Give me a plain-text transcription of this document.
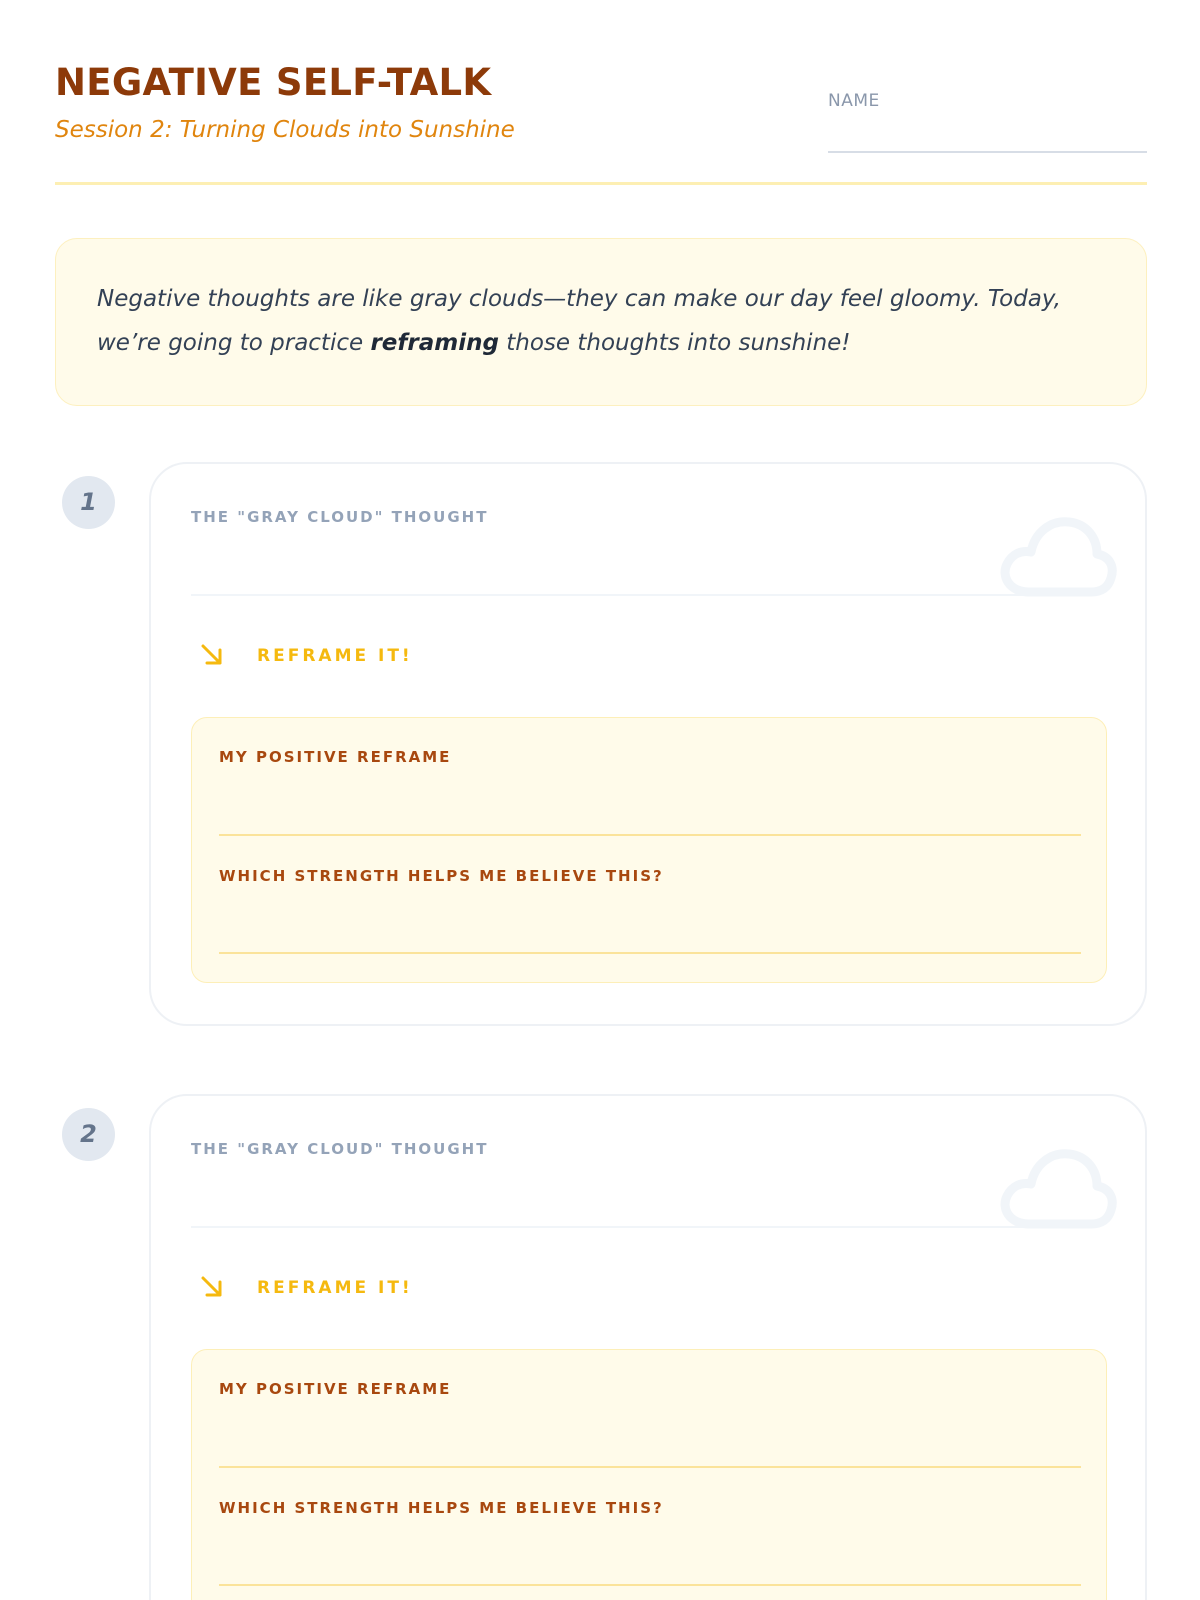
NEGATIVE SELF-TALK
Session 2: Turning Clouds into Sunshine
NAME
Negative thoughts are like gray clouds—they can make our day feel gloomy. Today, we’re going to practice reframing those thoughts into sunshine!
1
THE "GRAY CLOUD" THOUGHT
REFRAME IT!
MY POSITIVE REFRAME
WHICH STRENGTH HELPS ME BELIEVE THIS?
2
THE "GRAY CLOUD" THOUGHT
REFRAME IT!
MY POSITIVE REFRAME
WHICH STRENGTH HELPS ME BELIEVE THIS?
